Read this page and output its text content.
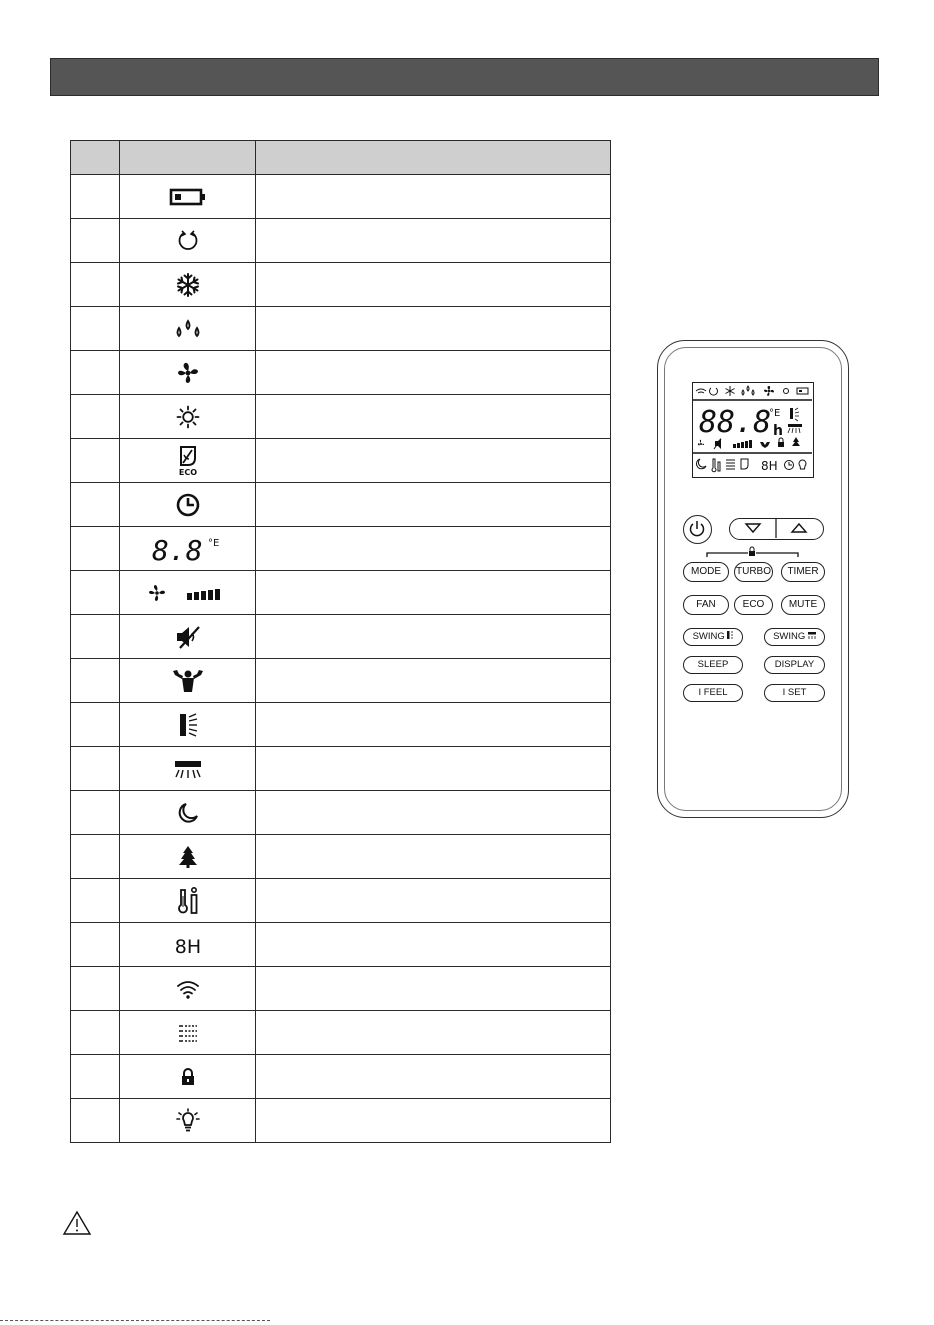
ECO	

8.8 °E	

8H	

88.8
°E
h
8H
MODE	TURBO	TIMER
FAN	ECO	MUTE
SWING	SWING
SLEEP	DISPLAY
I FEEL	I SET
